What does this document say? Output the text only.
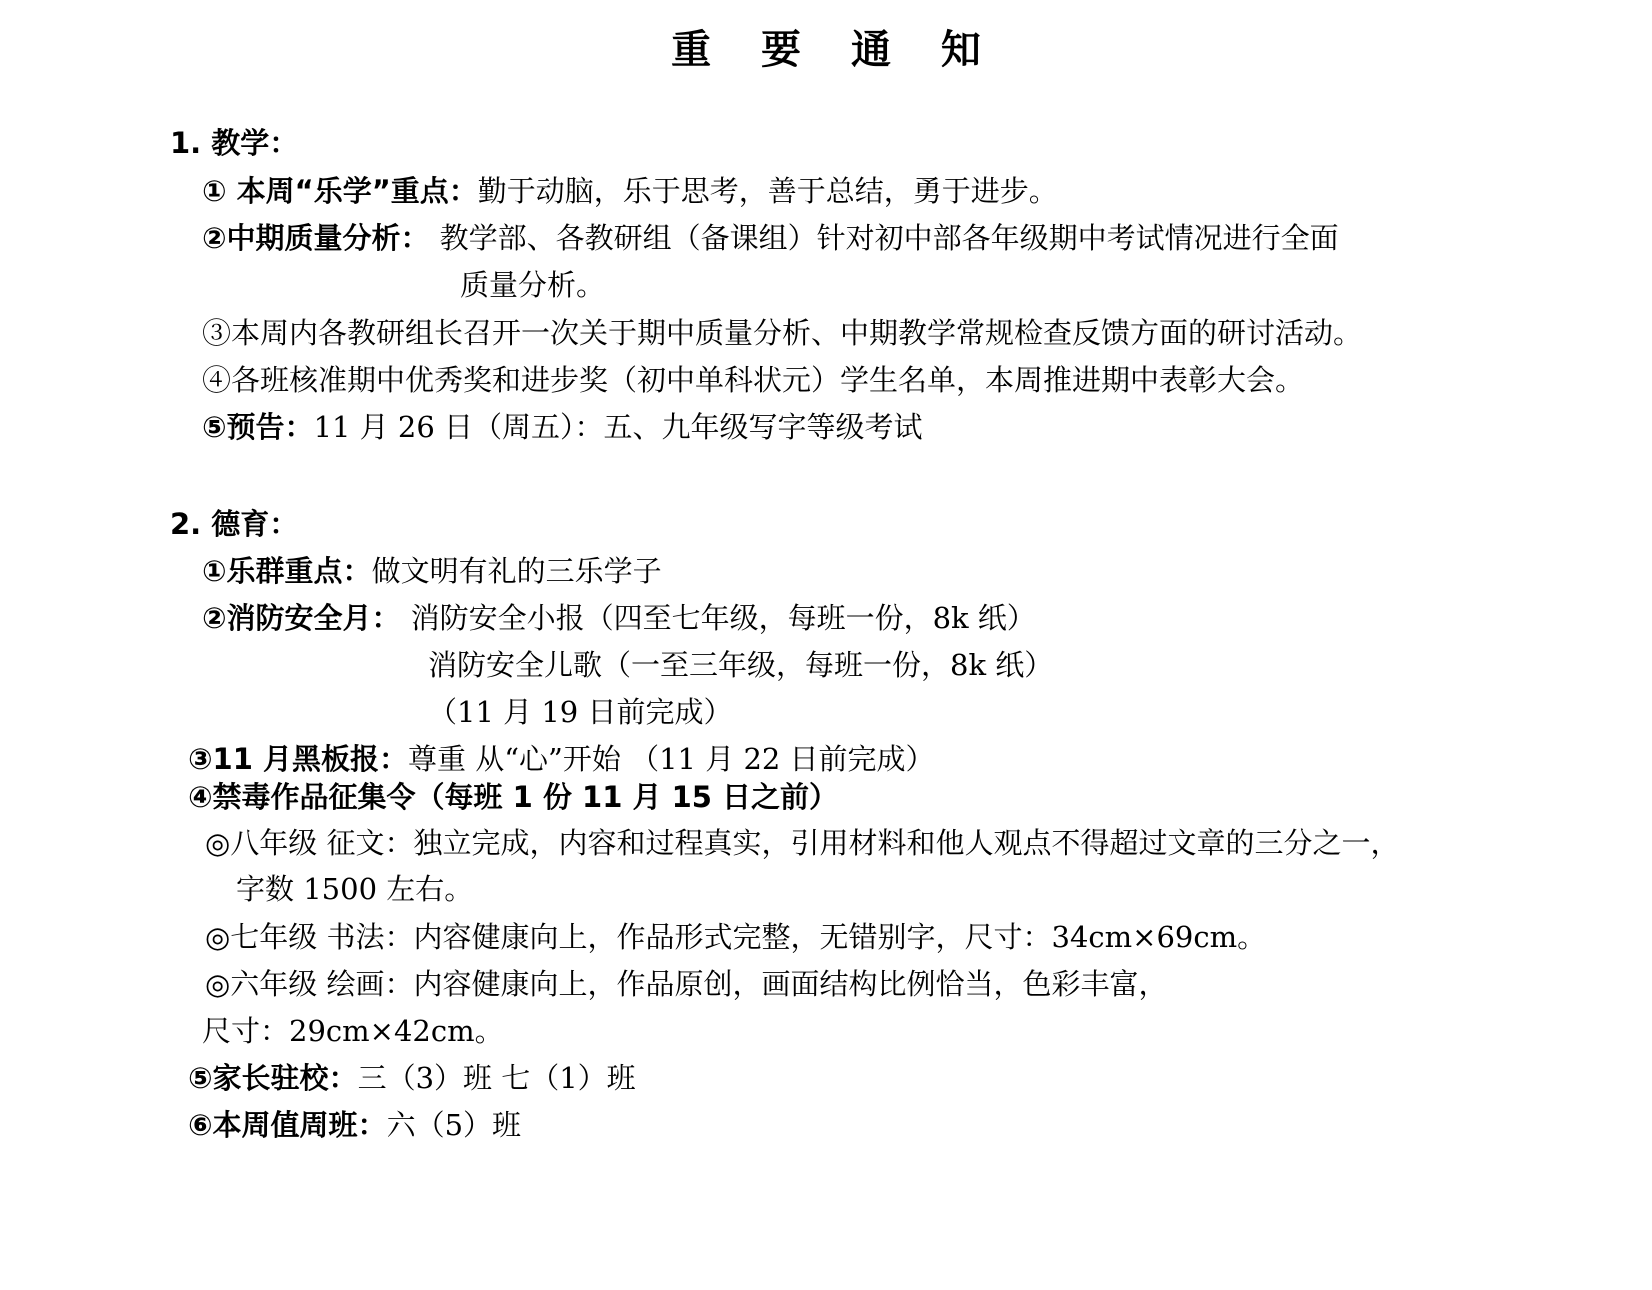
重 要 通 知
1. 教学：
① 本周“乐学”重点：勤于动脑，乐于思考，善于总结，勇于进步。
②中期质量分析： 教学部、各教研组（备课组）针对初中部各年级期中考试情况进行全面
质量分析。
③本周内各教研组长召开一次关于期中质量分析、中期教学常规检查反馈方面的研讨活动。
④各班核准期中优秀奖和进步奖（初中单科状元）学生名单，本周推进期中表彰大会。
⑤预告：11 月 26 日（周五）：五、九年级写字等级考试
2. 德育：
①乐群重点：做文明有礼的三乐学子
②消防安全月： 消防安全小报（四至七年级，每班一份，8k 纸）
消防安全儿歌（一至三年级，每班一份，8k 纸）
（11 月 19 日前完成）
③11 月黑板报：尊重 从“心”开始 （11 月 22 日前完成）
④禁毒作品征集令（每班 1 份 11 月 15 日之前）
◎八年级 征文：独立完成，内容和过程真实，引用材料和他人观点不得超过文章的三分之一，
字数 1500 左右。
◎七年级 书法：内容健康向上，作品形式完整，无错别字，尺寸：34cm×69cm。
◎六年级 绘画：内容健康向上，作品原创，画面结构比例恰当，色彩丰富，
尺寸：29cm×42cm。
⑤家长驻校：三（3）班 七（1）班
⑥本周值周班：六（5）班
